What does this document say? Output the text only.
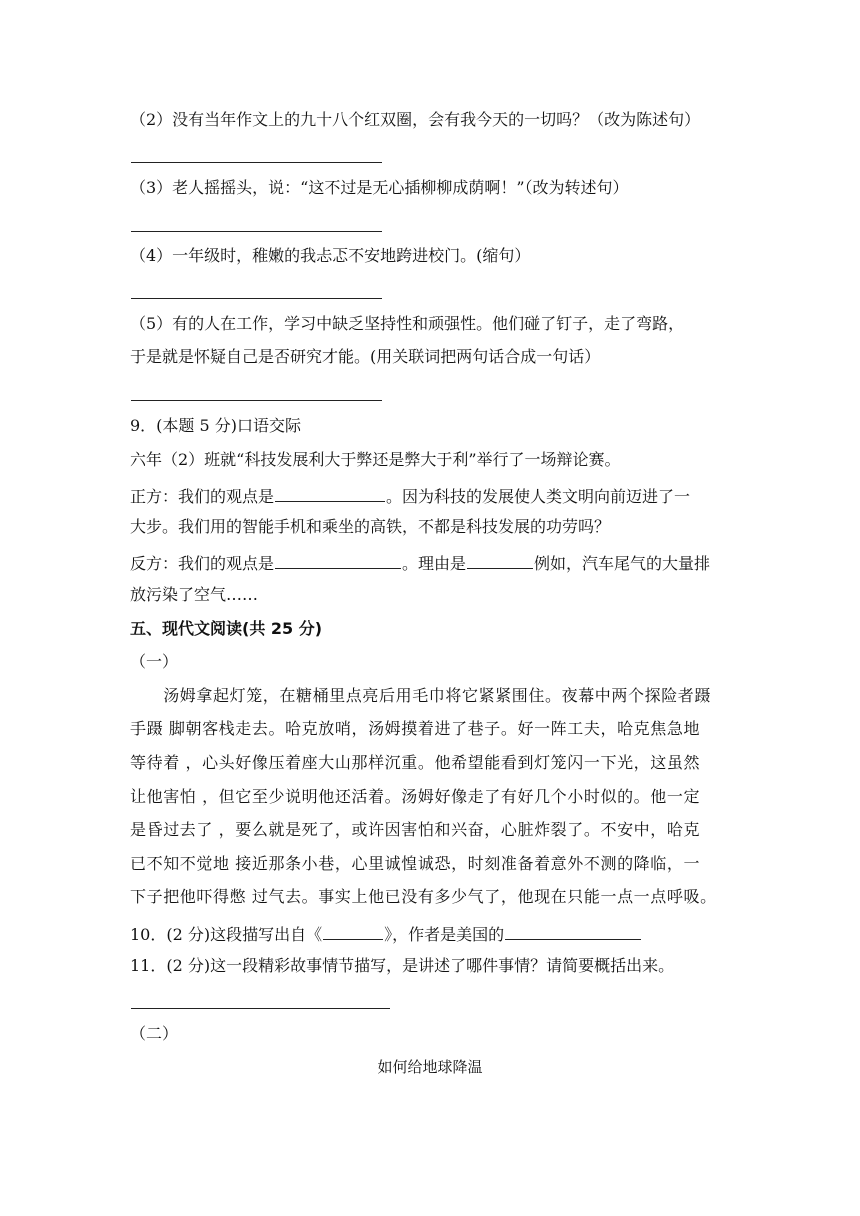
（2）没有当年作文上的九十八个红双圈，会有我今天的一切吗？（改为陈述句）
（3）老人摇摇头，说：“这不过是无心插柳柳成荫啊！”（改为转述句）
（4）一年级时，稚嫩的我忐忑不安地跨进校门。(缩句）
（5）有的人在工作，学习中缺乏坚持性和顽强性。他们碰了钉子，走了弯路，
于是就是怀疑自己是否研究才能。(用关联词把两句话合成一句话）
9．(本题 5 分)口语交际
六年（2）班就“科技发展利大于弊还是弊大于利”举行了一场辩论赛。
正方：我们的观点是	。因为科技的发展使人类文明向前迈进了一
大步。我们用的智能手机和乘坐的高铁，不都是科技发展的功劳吗？
反方：我们的观点是	。理由是	例如，汽车尾气的大量排
放污染了空气……
五、现代文阅读(共 25 分)
（一）
　　汤姆拿起灯笼，在糖桶里点亮后用毛巾将它紧紧围住。夜幕中两个探险者蹑
手蹑 脚朝客栈走去。哈克放哨，汤姆摸着进了巷子。好一阵工夫，哈克焦急地
等待着 ，心头好像压着座大山那样沉重。他希望能看到灯笼闪一下光，这虽然
让他害怕 ，但它至少说明他还活着。汤姆好像走了有好几个小时似的。他一定
是昏过去了 ，要么就是死了，或许因害怕和兴奋，心脏炸裂了。不安中，哈克
已不知不觉地 接近那条小巷，心里诚惶诚恐，时刻准备着意外不测的降临，一
下子把他吓得憋 过气去。事实上他已没有多少气了，他现在只能一点一点呼吸。
10．(2 分)这段描写出自《	》，作者是美国的
11．(2 分)这一段精彩故事情节描写，是讲述了哪件事情？请简要概括出来。
（二）
如何给地球降温
